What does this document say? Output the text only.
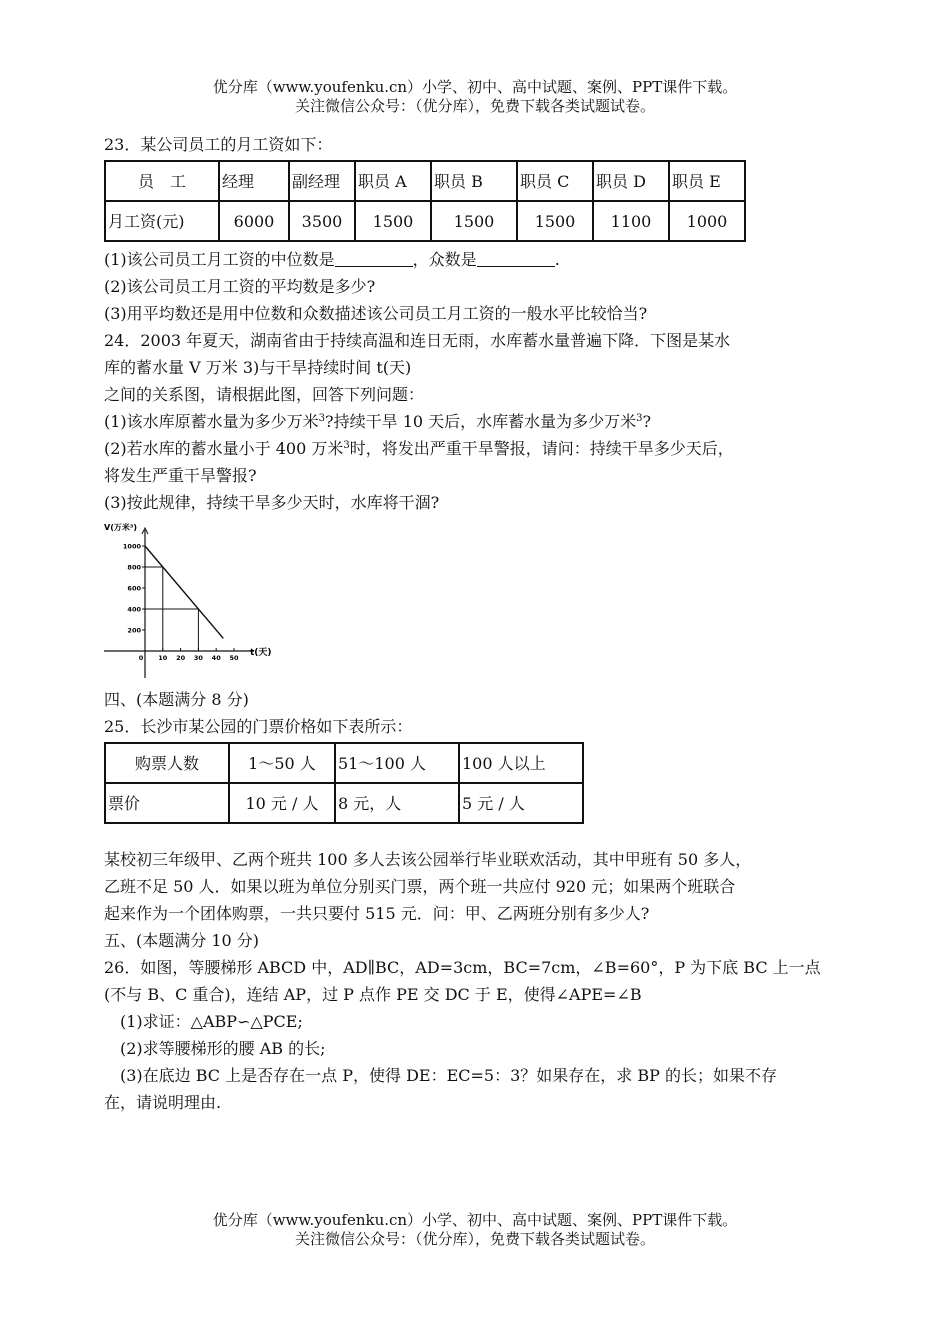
优分库（www.youfenku.cn）小学、初中、高中试题、案例、PPT课件下载。
关注微信公众号：（优分库），免费下载各类试题试卷。
23．某公司员工的月工资如下：
员　工	经理	副经理	职员 A	职员 B	职员 C	职员 D	职员 E
月工资(元)	6000	3500	1500	1500	1500	1100	1000
(1)该公司员工月工资的中位数是	，众数是	.
(2)该公司员工月工资的平均数是多少?
(3)用平均数还是用中位数和众数描述该公司员工月工资的一般水平比较恰当?
24．2003 年夏天，湖南省由于持续高温和连日无雨，水库蓄水量普遍下降．下图是某水
库的蓄水量 V 万米 3)与干旱持续时间 t(天)
之间的关系图，请根据此图，回答下列问题：
(1)该水库原蓄水量为多少万米$^3$?持续干旱 10 天后，水库蓄水量为多少万米$^3$?
(2)若水库的蓄水量小于 400 万米$^3$时，将发出严重干旱警报，请问：持续干旱多少天后，
将发生严重干旱警报?
(3)按此规律，持续干旱多少天时，水库将干涸?
V(万米³)
t(天)
1000
800
600
400
200
0 10 20 30 40 50
四、(本题满分 8 分)
25．长沙市某公园的门票价格如下表所示：
购票人数	1～50 人	51～100 人	100 人以上
票价	10 元 / 人	8 元，人	5 元 / 人
某校初三年级甲、乙两个班共 100 多人去该公园举行毕业联欢活动，其中甲班有 50 多人，
乙班不足 50 人．如果以班为单位分别买门票，两个班一共应付 920 元；如果两个班联合
起来作为一个团体购票，一共只要付 515 元．问：甲、乙两班分别有多少人?
五、(本题满分 10 分)
26．如图，等腰梯形 ABCD 中，AD∥BC，AD=3cm，BC=7cm，∠B=60°，P 为下底 BC 上一点
(不与 B、C 重合)，连结 AP，过 P 点作 PE 交 DC 于 E，使得∠APE=∠B
(1)求证：△ABP∽△PCE;
(2)求等腰梯形的腰 AB 的长;
(3)在底边 BC 上是否存在一点 P，使得 DE：EC=5：3？如果存在，求 BP 的长；如果不存
在，请说明理由.
优分库（www.youfenku.cn）小学、初中、高中试题、案例、PPT课件下载。
关注微信公众号：（优分库），免费下载各类试题试卷。
